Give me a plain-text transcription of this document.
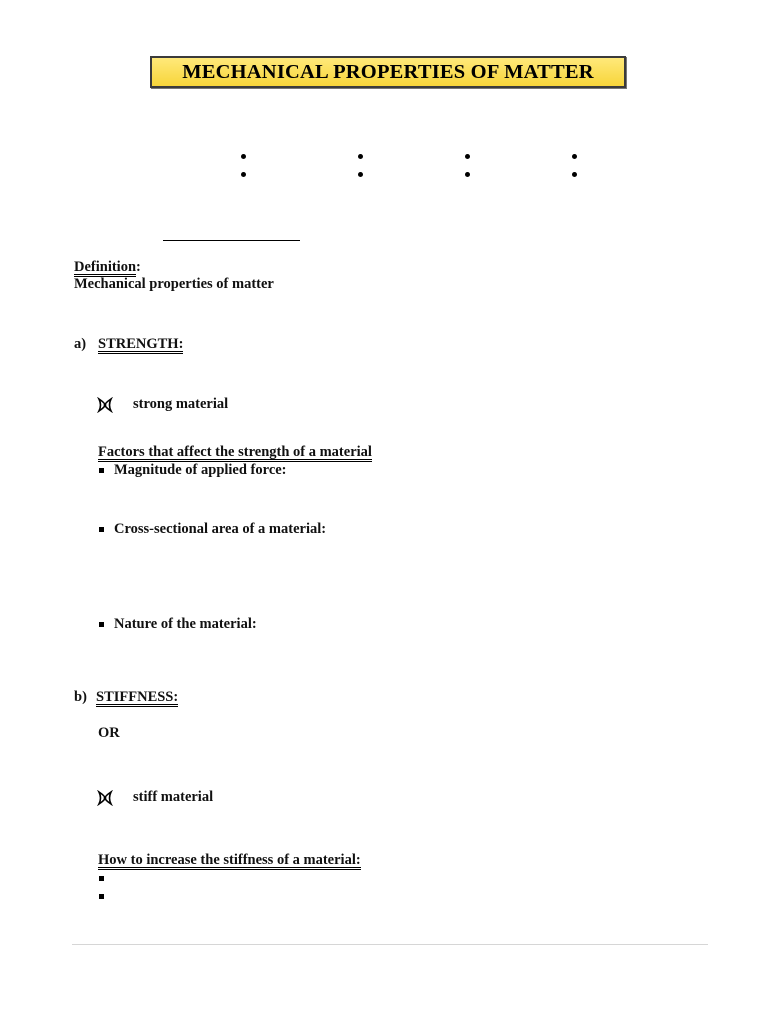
MECHANICAL PROPERTIES OF MATTER
Definition:
Mechanical properties of matter
a) STRENGTH:
strong material
Factors that affect the strength of a material
Magnitude of applied force:
Cross-sectional area of a material:
Nature of the material:
b) STIFFNESS:
OR
stiff material
How to increase the stiffness of a material:
